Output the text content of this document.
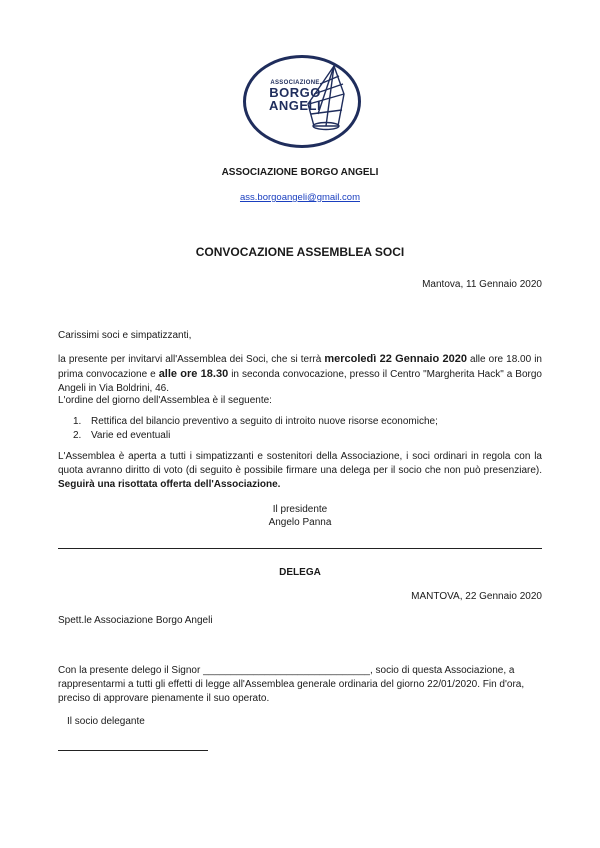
ASSOCIAZIONE
BORGO
ANGELI
ASSOCIAZIONE BORGO ANGELI
ass.borgoangeli@gmail.com
CONVOCAZIONE ASSEMBLEA SOCI
Mantova, 11 Gennaio 2020
Carissimi soci e simpatizzanti,
la presente per invitarvi all'Assemblea dei Soci, che si terrà mercoledì 22 Gennaio 2020 alle ore 18.00 in prima convocazione e alle ore 18.30 in seconda convocazione, presso il Centro "Margherita Hack" a Borgo Angeli in Via Boldrini, 46.
L'ordine del giorno dell'Assemblea è il seguente:
1. Rettifica del bilancio preventivo a seguito di introito nuove risorse economiche;
2. Varie ed eventuali
L'Assemblea è aperta a tutti i simpatizzanti e sostenitori della Associazione, i soci ordinari in regola con la quota avranno diritto di voto (di seguito è possibile firmare una delega per il socio che non può presenziare). Seguirà una risottata offerta dell'Associazione.
Il presidente
Angelo Panna
DELEGA
MANTOVA, 22 Gennaio 2020
Spett.le Associazione Borgo Angeli
Con la presente delego il Signor ______________________________, socio di questa Associazione, a rappresentarmi a tutti gli effetti di legge all'Assemblea generale ordinaria del giorno 22/01/2020. Fin d'ora, preciso di approvare pienamente il suo operato.
Il socio delegante
